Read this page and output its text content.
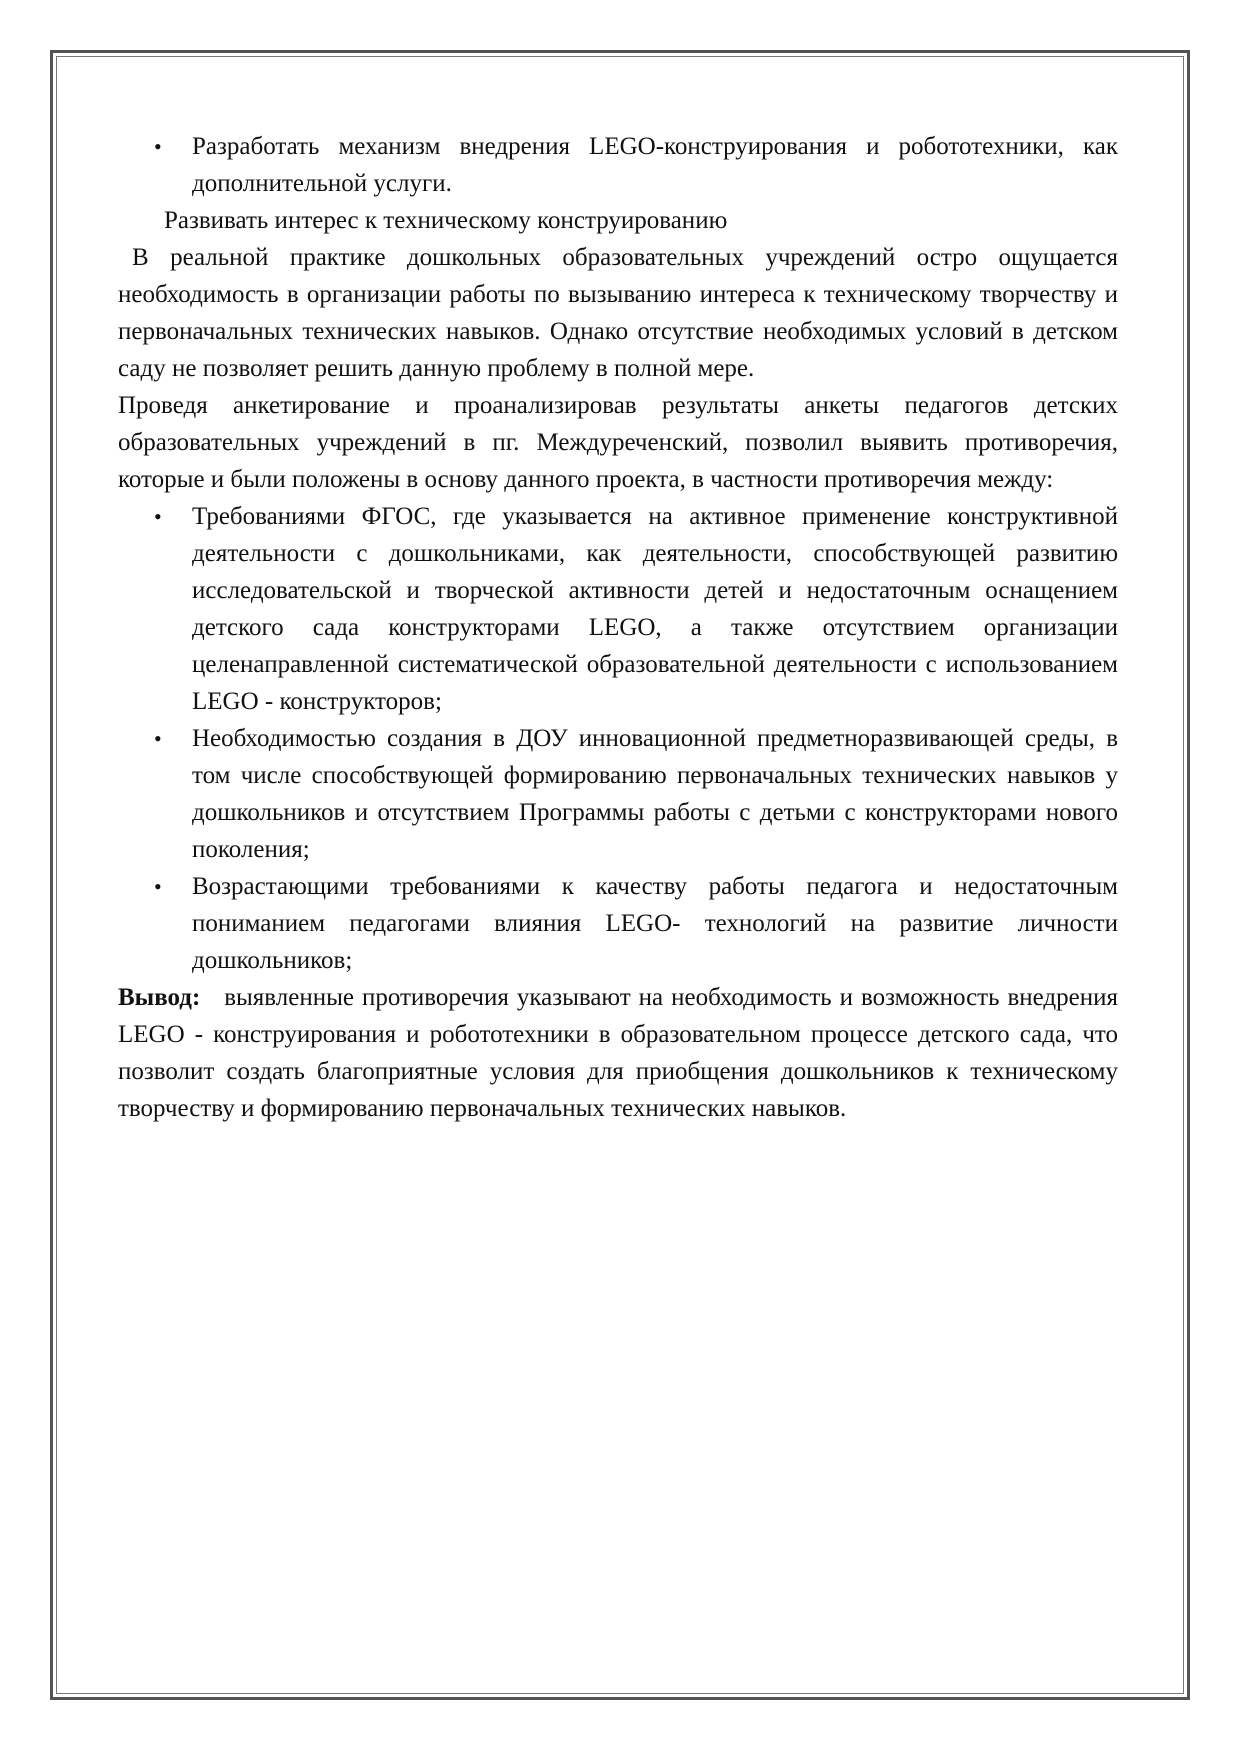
• Разработать механизм внедрения LEGO-конструирования и робототехники, как дополнительной услуги.

Развивать интерес к техническому конструированию

В реальной практике дошкольных образовательных учреждений остро ощущается необходимость в организации работы по вызыванию интереса к техническому творчеству и первоначальных технических навыков. Однако отсутствие необходимых условий в детском саду не позволяет решить данную проблему в полной мере.

Проведя анкетирование и проанализировав результаты анкеты педагогов детских образовательных учреждений в пг. Междуреченский, позволил выявить противоречия, которые и были положены в основу данного проекта, в частности противоречия между:

• Требованиями ФГОС, где указывается на активное применение конструктивной деятельности с дошкольниками, как деятельности, способствующей развитию исследовательской и творческой активности детей и недостаточным оснащением детского сада конструкторами LEGO, а также отсутствием организации целенаправленной систематической образовательной деятельности с использованием LEGO - конструкторов;
• Необходимостью создания в ДОУ инновационной предметноразвивающей среды, в том числе способствующей формированию первоначальных технических навыков у дошкольников и отсутствием Программы работы с детьми с конструкторами нового поколения;
• Возрастающими требованиями к качеству работы педагога и недостаточным пониманием педагогами влияния LEGO- технологий на развитие личности дошкольников;

Вывод: выявленные противоречия указывают на необходимость и возможность внедрения LEGO - конструирования и робототехники в образовательном процессе детского сада, что позволит создать благоприятные условия для приобщения дошкольников к техническому творчеству и формированию первоначальных технических навыков.
